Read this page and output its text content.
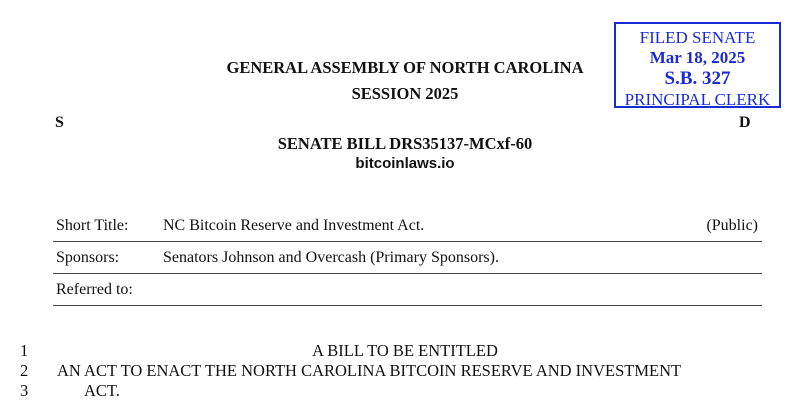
FILED SENATE
Mar 18, 2025
S.B. 327
PRINCIPAL CLERK
GENERAL ASSEMBLY OF NORTH CAROLINA
SESSION 2025
S	D
SENATE BILL DRS35137-MCxf-60
bitcoinlaws.io
Short Title: NC Bitcoin Reserve and Investment Act.	(Public)
Sponsors:	Senators Johnson and Overcash (Primary Sponsors).
Referred to:
1	A BILL TO BE ENTITLED
2 AN ACT TO ENACT THE NORTH CAROLINA BITCOIN RESERVE AND INVESTMENT
3	ACT.
